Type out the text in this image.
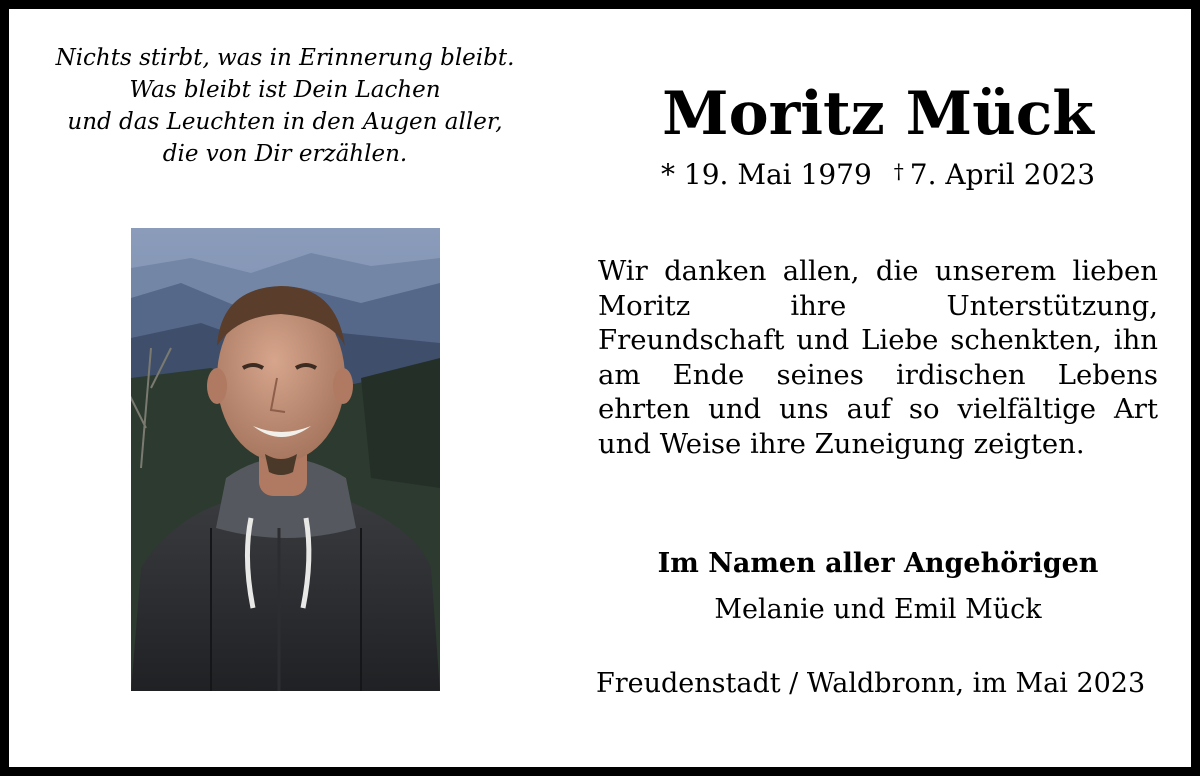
Nichts stirbt, was in Erinnerung bleibt.
Was bleibt ist Dein Lachen
und das Leuchten in den Augen aller,
die von Dir erzählen.
Moritz Mück
* 19. Mai 1979 † 7. April 2023
Wir danken allen, die unserem lieben Moritz ihre Unterstützung, Freundschaft und Liebe schenkten, ihn am Ende seines irdischen Lebens ehrten und uns auf so vielfältige Art und Weise ihre Zuneigung zeigten.
Im Namen aller Angehörigen
Melanie und Emil Mück
Freudenstadt / Waldbronn, im Mai 2023
